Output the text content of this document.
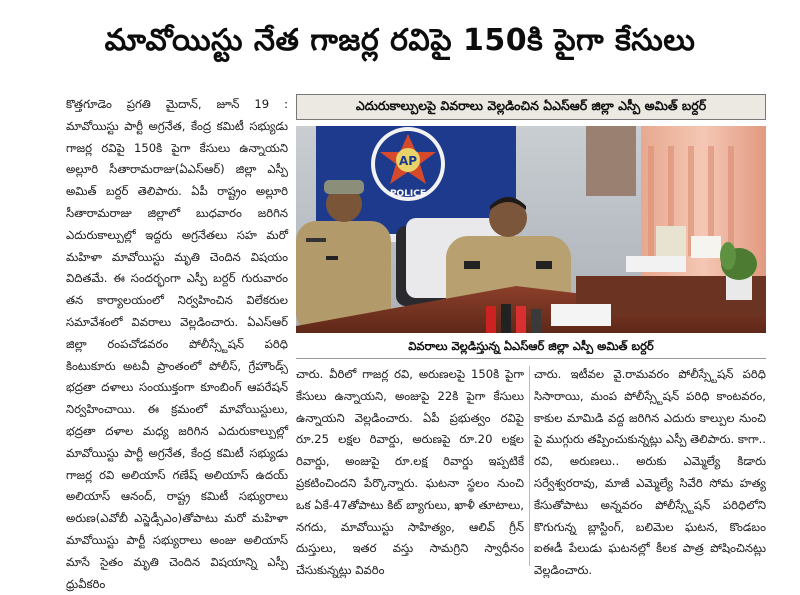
మావోయిస్టు నేత గాజర్ల రవిపై 150కి పైగా కేసులు

కొత్తగూడెం ప్రగతి మైదాన్, జూన్ 19 : మావోయిస్టు పార్టీ అగ్రనేత, కేంద్ర కమిటీ సభ్యుడు గాజర్ల రవిపై 150కి పైగా కేసులు ఉన్నాయని అల్లూరి సీతారామరాజు(ఏఎస్ఆర్) జిల్లా ఎస్పీ అమిత్ బర్దర్ తెలిపారు. ఏపీ రాష్ట్రం అల్లూరి సీతారామరాజు జిల్లాలో బుధవారం జరిగిన ఎదురుకాల్పుల్లో ఇద్దరు అగ్రనేతలు సహ మరో మహిళా మావోయిస్టు మృతి చెందిన విషయం విదితమే. ఈ సందర్భంగా ఎస్పీ బర్దర్ గురువారం తన కార్యాలయంలో నిర్వహించిన విలేకరుల సమావేశంలో వివరాలు వెల్లడించారు. ఏఎస్ఆర్ జిల్లా రంపచోడవరం పోలీస్స్టేషన్ పరిధి కింటుకూరు అటవీ ప్రాంతంలో పోలీస్, గ్రేహౌండ్స్ భద్రతా దళాలు సంయుక్తంగా కూంబింగ్ ఆపరేషన్ నిర్వహించాయి. ఈ క్రమంలో మావోయిస్టులు, భద్రతా దళాల మధ్య జరిగిన ఎదురుకాల్పుల్లో మావోయిస్టు పార్టీ అగ్రనేత, కేంద్ర కమిటీ సభ్యుడు గాజర్ల రవి అలియాస్ గణేష్ అలియాస్ ఉదయ్ అలియాస్ ఆనంద్, రాష్ట్ర కమిటీ సభ్యురాలు అరుణ(ఎవోబీ ఎస్జెడ్సీఎం)తోపాటు మరో మహిళా మావోయిస్టు పార్టీ సభ్యురాలు అంజు అలియాస్ మాసే సైతం మృతి చెందిన విషయాన్ని ఎస్పీ ధ్రువీకరిం

ఎదురుకాల్పులపై వివరాలు వెల్లడించిన ఏఎస్ఆర్ జిల్లా ఎస్పీ అమిత్ బర్దర్
AP
POLICE
వివరాలు వెల్లడిస్తున్న ఏఎస్ఆర్ జిల్లా ఎస్పీ అమిత్ బర్దర్

చారు. వీరిలో గాజర్ల రవి, అరుణలపై 150కి పైగా కేసులు ఉన్నాయని, అంజుపై 22కి పైగా కేసులు ఉన్నాయని వెల్లడించారు. ఏపీ ప్రభుత్వం రవిపై రూ.25 లక్షల రివార్డు, అరుణపై రూ.20 లక్షల రివార్డు, అంజుపై రూ.లక్ష రివార్డు ఇప్పటికే ప్రకటించిందని పేర్కొన్నారు. ఘటనా స్థలం నుంచి ఒక ఏకే-47తోపాటు కిట్ బ్యాగులు, ఖాళీ తూటాలు, నగదు, మావోయిస్టు సాహిత్యం, ఆలివ్ గ్రీన్ దుస్తులు, ఇతర వస్తు సామగ్రిని స్వాధీనం చేసుకున్నట్లు వివరిం

చారు. ఇటీవల వై.రామవరం పోలీస్స్టేషన్ పరిధి సిసారాయి, మంప పోలీస్స్టేషన్ పరిధి కాంటవరం, కాకుల మామిడి వద్ద జరిగిన ఎదురు కాల్పుల నుంచి పై ముగ్గురు తప్పించుకున్నట్లు ఎస్పీ తెలిపారు. కాగా.. రవి, అరుణలు.. అరుకు ఎమ్మెల్యే కిడారు సర్వేశ్వరరావు, మాజీ ఎమ్మెల్యే సివేరి సోమ హత్య కేసుతోపాటు అన్నవరం పోలీస్స్టేషన్ పరిధిలోని కొగుగున్న బ్లాస్టింగ్, బలిమెల ఘటన, కొండబం ఐఈడీ పేలుడు ఘటనల్లో కీలక పాత్ర పోషించినట్లు వెల్లడించారు.
